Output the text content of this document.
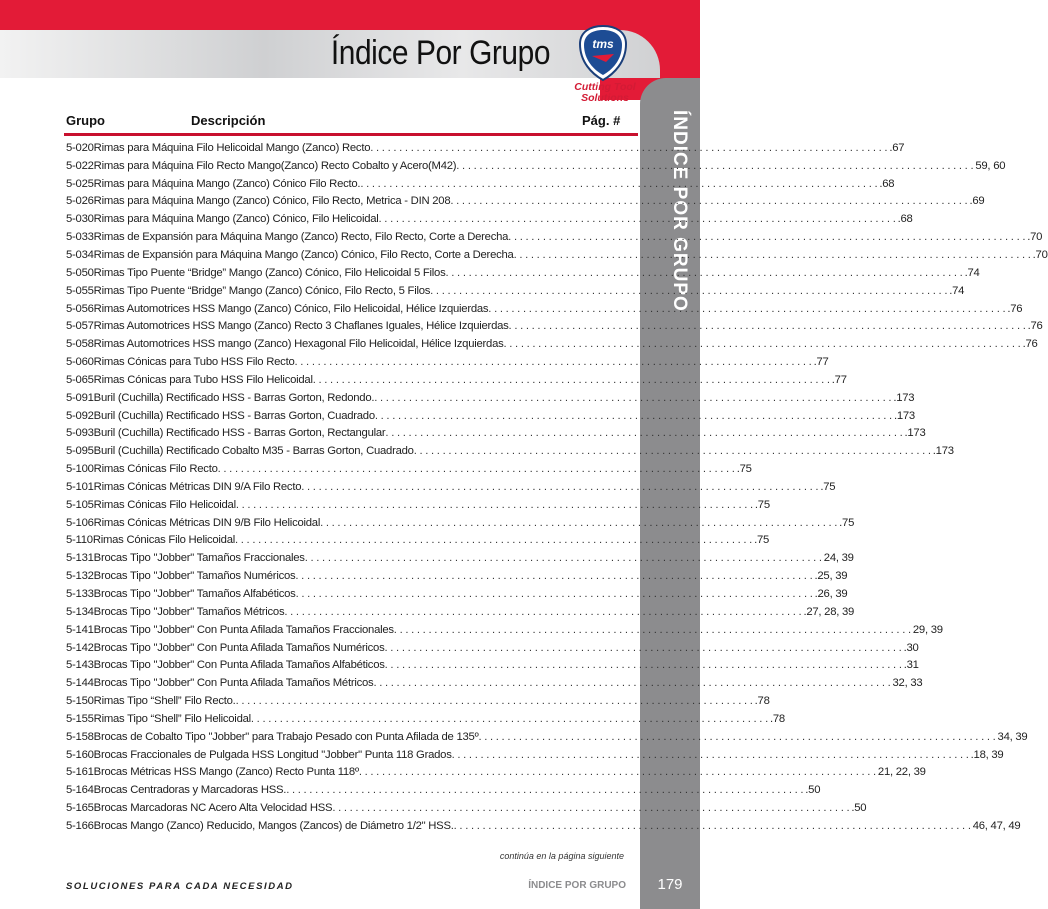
Índice Por Grupo	tms
Cutting Tool
Solutions
ÍNDICE POR GRUPO
179
Grupo	Descripción	Pág. #
5-020 Rimas para Máquina Filo Helicoidal Mango (Zanco) Recto . . .	.67
5-022 Rimas para Máquina Filo Recto Mango(Zanco) Recto Cobalto y Acero(M42) . . .	59, 60
5-025 Rimas para Máquina Mango (Zanco) Cónico Filo Recto. . . .	.68
5-026 Rimas para Máquina Mango (Zanco) Cónico, Filo Recto, Metrica - DIN 208 . . .	.69
5-030 Rimas para Máquina Mango (Zanco) Cónico, Filo Helicoidal . . .	.68
5-033 Rimas de Expansión para Máquina Mango (Zanco) Recto, Filo Recto, Corte a Derecha . . .	.70
5-034 Rimas de Expansión para Máquina Mango (Zanco) Cónico, Filo Recto, Corte a Derecha . . .	.70
5-050 Rimas Tipo Puente “Bridge” Mango (Zanco) Cónico, Filo Helicoidal 5 Filos . . .	.74
5-055 Rimas Tipo Puente “Bridge” Mango (Zanco) Cónico, Filo Recto, 5 Filos . . .	.74
5-056 Rimas Automotrices HSS Mango (Zanco) Cónico, Filo Helicoidal, Hélice Izquierdas . . .	.76
5-057 Rimas Automotrices HSS Mango (Zanco) Recto 3 Chaflanes Iguales, Hélice Izquierdas . . .	.76
5-058 Rimas Automotrices HSS mango (Zanco) Hexagonal Filo Helicoidal, Hélice Izquierdas . . .	.76
5-060 Rimas Cónicas para Tubo HSS Filo Recto . . .	.77
5-065 Rimas Cónicas para Tubo HSS Filo Helicoidal . . .	.77
5-091 Buril (Cuchilla) Rectificado HSS - Barras Gorton, Redondo. . . .	.173
5-092 Buril (Cuchilla) Rectificado HSS - Barras Gorton, Cuadrado . . .	.173
5-093 Buril (Cuchilla) Rectificado HSS - Barras Gorton, Rectangular . . .	.173
5-095 Buril (Cuchilla) Rectificado Cobalto M35 - Barras Gorton, Cuadrado . . .	.173
5-100 Rimas Cónicas Filo Recto . . .	.75
5-101 Rimas Cónicas Métricas DIN 9/A Filo Recto . . .	.75
5-105 Rimas Cónicas Filo Helicoidal . . .	.75
5-106 Rimas Cónicas Métricas DIN 9/B Filo Helicoidal . . .	.75
5-110 Rimas Cónicas Filo Helicoidal . . .	.75
5-131 Brocas Tipo "Jobber" Tamaños Fraccionales . . .	24, 39
5-132 Brocas Tipo "Jobber" Tamaños Numéricos . . .	.25, 39
5-133 Brocas Tipo "Jobber" Tamaños Alfabéticos . . .	.26, 39
5-134 Brocas Tipo "Jobber" Tamaños Métricos . . .	.27, 28, 39
5-141 Brocas Tipo "Jobber" Con Punta Afilada Tamaños Fraccionales . . .	29, 39
5-142 Brocas Tipo "Jobber" Con Punta Afilada Tamaños Numéricos . . .	.30
5-143 Brocas Tipo "Jobber" Con Punta Afilada Tamaños Alfabéticos . . .	.31
5-144 Brocas Tipo "Jobber" Con Punta Afilada Tamaños Métricos . . .	32, 33
5-150 Rimas Tipo “Shell” Filo Recto. . . .	.78
5-155 Rimas Tipo “Shell” Filo Helicoidal . . .	.78
5-158 Brocas de Cobalto Tipo "Jobber" para Trabajo Pesado con Punta Afilada de 135º . . .	34, 39
5-160 Brocas Fraccionales de Pulgada HSS Longitud "Jobber" Punta 118 Grados . . .	.18, 39
5-161 Brocas Métricas HSS Mango (Zanco) Recto Punta 118º . . .	21, 22, 39
5-164 Brocas Centradoras y Marcadoras HSS. . . .	.50
5-165 Brocas Marcadoras NC Acero Alta Velocidad HSS . . .	.50
5-166 Brocas Mango (Zanco) Reducido, Mangos (Zancos) de Diámetro 1/2" HSS. . . .	46, 47, 49
continúa en la página siguiente
SOLUCIONES PARA CADA NECESIDAD	ÍNDICE POR GRUPO
